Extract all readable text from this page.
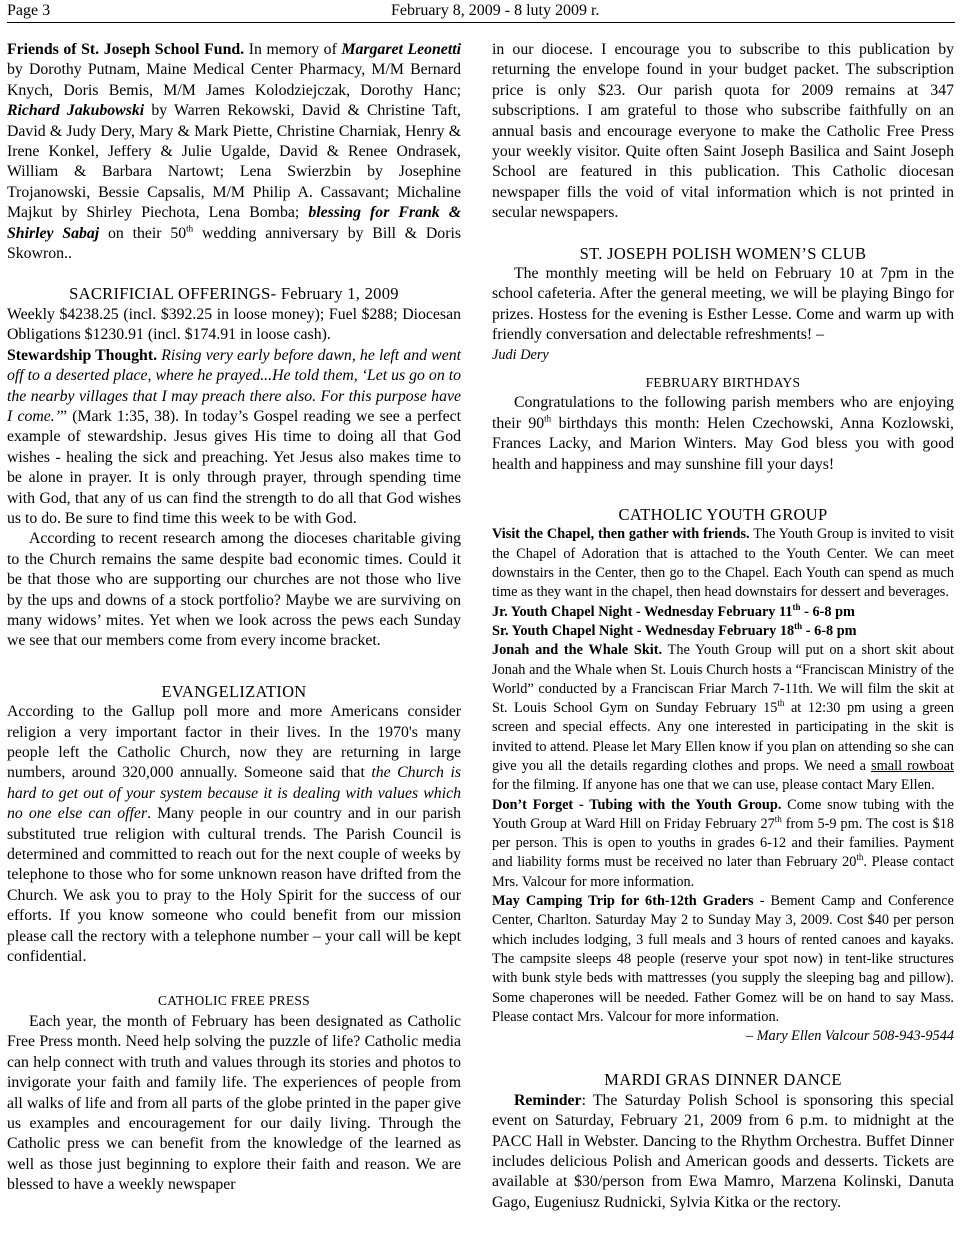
Page 3	February 8, 2009 - 8 luty 2009 r.

Friends of St. Joseph School Fund. In memory of Margaret Leonetti by Dorothy Putnam, Maine Medical Center Pharmacy, M/M Bernard Knych, Doris Bemis, M/M James Kolodziejczak, Dorothy Hanc; Richard Jakubowski by Warren Rekowski, David & Christine Taft, David & Judy Dery, Mary & Mark Piette, Christine Charniak, Henry & Irene Konkel, Jeffery & Julie Ugalde, David & Renee Ondrasek, William & Barbara Nartowt; Lena Swierzbin by Josephine Trojanowski, Bessie Capsalis, M/M Philip A. Cassavant; Michaline Majkut by Shirley Piechota, Lena Bomba; blessing for Frank & Shirley Sabaj on their 50th wedding anniversary by Bill & Doris Skowron..

SACRIFICIAL OFFERINGS- February 1, 2009

Weekly $4238.25 (incl. $392.25 in loose money); Fuel $288; Diocesan Obligations $1230.91 (incl. $174.91 in loose cash).

Stewardship Thought. Rising very early before dawn, he left and went off to a deserted place, where he prayed...He told them, ‘Let us go on to the nearby villages that I may preach there also. For this purpose have I come.’” (Mark 1:35, 38). In today’s Gospel reading we see a perfect example of stewardship. Jesus gives His time to doing all that God wishes - healing the sick and preaching. Yet Jesus also makes time to be alone in prayer. It is only through prayer, through spending time with God, that any of us can find the strength to do all that God wishes us to do. Be sure to find time this week to be with God.

According to recent research among the dioceses charitable giving to the Church remains the same despite bad economic times. Could it be that those who are supporting our churches are not those who live by the ups and downs of a stock portfolio? Maybe we are surviving on many widows’ mites. Yet when we look across the pews each Sunday we see that our members come from every income bracket.

EVANGELIZATION

According to the Gallup poll more and more Americans consider religion a very important factor in their lives. In the 1970's many people left the Catholic Church, now they are returning in large numbers, around 320,000 annually. Someone said that the Church is hard to get out of your system because it is dealing with values which no one else can offer. Many people in our country and in our parish substituted true religion with cultural trends. The Parish Council is determined and committed to reach out for the next couple of weeks by telephone to those who for some unknown reason have drifted from the Church. We ask you to pray to the Holy Spirit for the success of our efforts. If you know someone who could benefit from our mission please call the rectory with a telephone number – your call will be kept confidential.

CATHOLIC FREE PRESS

Each year, the month of February has been designated as Catholic Free Press month. Need help solving the puzzle of life? Catholic media can help connect with truth and values through its stories and photos to invigorate your faith and family life. The experiences of people from all walks of life and from all parts of the globe printed in the paper give us examples and encouragement for our daily living. Through the Catholic press we can benefit from the knowledge of the learned as well as those just beginning to explore their faith and reason. We are blessed to have a weekly newspaper

in our diocese. I encourage you to subscribe to this publication by returning the envelope found in your budget packet. The subscription price is only $23. Our parish quota for 2009 remains at 347 subscriptions. I am grateful to those who subscribe faithfully on an annual basis and encourage everyone to make the Catholic Free Press your weekly visitor. Quite often Saint Joseph Basilica and Saint Joseph School are featured in this publication. This Catholic diocesan newspaper fills the void of vital information which is not printed in secular newspapers.

ST. JOSEPH POLISH WOMEN’S CLUB

The monthly meeting will be held on February 10 at 7pm in the school cafeteria. After the general meeting, we will be playing Bingo for prizes. Hostess for the evening is Esther Lesse. Come and warm up with friendly conversation and delectable refreshments! –

Judi Dery

FEBRUARY BIRTHDAYS

Congratulations to the following parish members who are enjoying their 90th birthdays this month: Helen Czechowski, Anna Kozlowski, Frances Lacky, and Marion Winters. May God bless you with good health and happiness and may sunshine fill your days!

CATHOLIC YOUTH GROUP

Visit the Chapel, then gather with friends. The Youth Group is invited to visit the Chapel of Adoration that is attached to the Youth Center. We can meet downstairs in the Center, then go to the Chapel. Each Youth can spend as much time as they want in the chapel, then head downstairs for dessert and beverages.

Jr. Youth Chapel Night - Wednesday February 11th - 6-8 pm

Sr. Youth Chapel Night - Wednesday February 18th - 6-8 pm

Jonah and the Whale Skit. The Youth Group will put on a short skit about Jonah and the Whale when St. Louis Church hosts a “Franciscan Ministry of the World” conducted by a Franciscan Friar March 7-11th. We will film the skit at St. Louis School Gym on Sunday February 15th at 12:30 pm using a green screen and special effects. Any one interested in participating in the skit is invited to attend. Please let Mary Ellen know if you plan on attending so she can give you all the details regarding clothes and props. We need a small rowboat for the filming. If anyone has one that we can use, please contact Mary Ellen.

Don’t Forget - Tubing with the Youth Group. Come snow tubing with the Youth Group at Ward Hill on Friday February 27th from 5-9 pm. The cost is $18 per person. This is open to youths in grades 6-12 and their families. Payment and liability forms must be received no later than February 20th. Please contact Mrs. Valcour for more information.

May Camping Trip for 6th-12th Graders - Bement Camp and Conference Center, Charlton. Saturday May 2 to Sunday May 3, 2009. Cost $40 per person which includes lodging, 3 full meals and 3 hours of rented canoes and kayaks. The campsite sleeps 48 people (reserve your spot now) in tent-like structures with bunk style beds with mattresses (you supply the sleeping bag and pillow). Some chaperones will be needed. Father Gomez will be on hand to say Mass. Please contact Mrs. Valcour for more information.

– Mary Ellen Valcour 508-943-9544

MARDI GRAS DINNER DANCE

Reminder: The Saturday Polish School is sponsoring this special event on Saturday, February 21, 2009 from 6 p.m. to midnight at the PACC Hall in Webster. Dancing to the Rhythm Orchestra. Buffet Dinner includes delicious Polish and American goods and desserts. Tickets are available at $30/person from Ewa Mamro, Marzena Kolinski, Danuta Gago, Eugeniusz Rudnicki, Sylvia Kitka or the rectory.
